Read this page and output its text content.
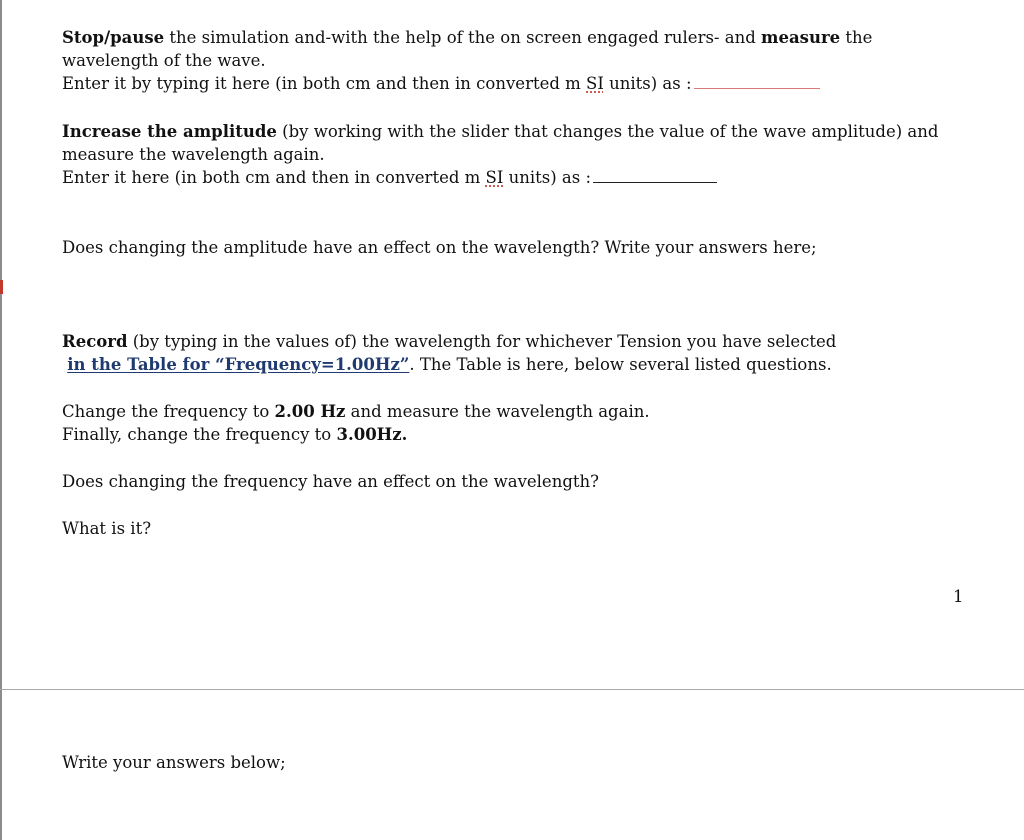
Stop/pause the simulation and-with the help of the on screen engaged rulers- and measure the
wavelength of the wave.
Enter it by typing it here (in both cm and then in converted m SI units) as :

Increase the amplitude (by working with the slider that changes the value of the wave amplitude) and
measure the wavelength again.
Enter it here (in both cm and then in converted m SI units) as :

Does changing the amplitude have an effect on the wavelength? Write your answers here;

Record (by typing in the values of) the wavelength for whichever Tension you have selected
in the Table for “Frequency=1.00Hz”. The Table is here, below several listed questions.

Change the frequency to 2.00 Hz and measure the wavelength again.
Finally, change the frequency to 3.00Hz.

Does changing the frequency have an effect on the wavelength?

What is it?

1

Write your answers below;
